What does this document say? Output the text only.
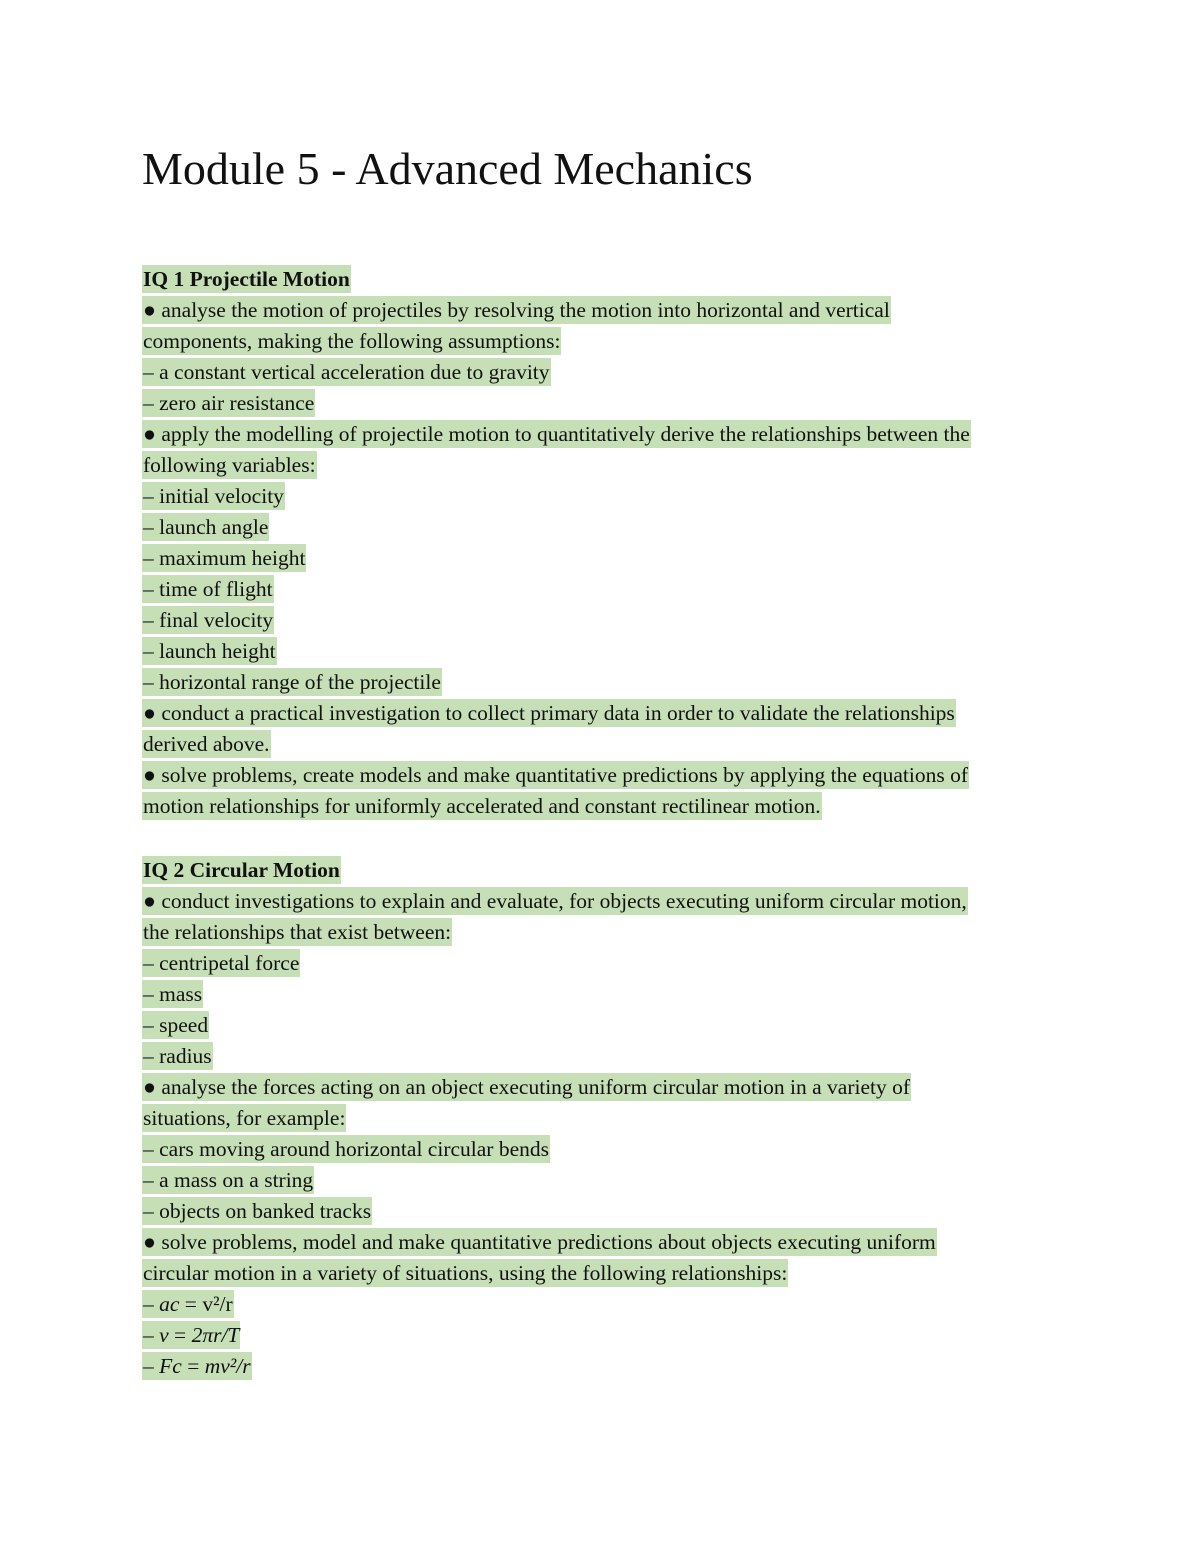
Module 5 - Advanced Mechanics
IQ 1 Projectile Motion
● analyse the motion of projectiles by resolving the motion into horizontal and vertical
components, making the following assumptions:
– a constant vertical acceleration due to gravity
– zero air resistance
● apply the modelling of projectile motion to quantitatively derive the relationships between the
following variables:
– initial velocity
– launch angle
– maximum height
– time of flight
– final velocity
– launch height
– horizontal range of the projectile
● conduct a practical investigation to collect primary data in order to validate the relationships
derived above.
● solve problems, create models and make quantitative predictions by applying the equations of
motion relationships for uniformly accelerated and constant rectilinear motion.
IQ 2 Circular Motion
● conduct investigations to explain and evaluate, for objects executing uniform circular motion,
the relationships that exist between:
– centripetal force
– mass
– speed
– radius
● analyse the forces acting on an object executing uniform circular motion in a variety of
situations, for example:
– cars moving around horizontal circular bends
– a mass on a string
– objects on banked tracks
● solve problems, model and make quantitative predictions about objects executing uniform
circular motion in a variety of situations, using the following relationships:
– ac = v²/r
– v = 2πr/T
– Fc = mv²/r
